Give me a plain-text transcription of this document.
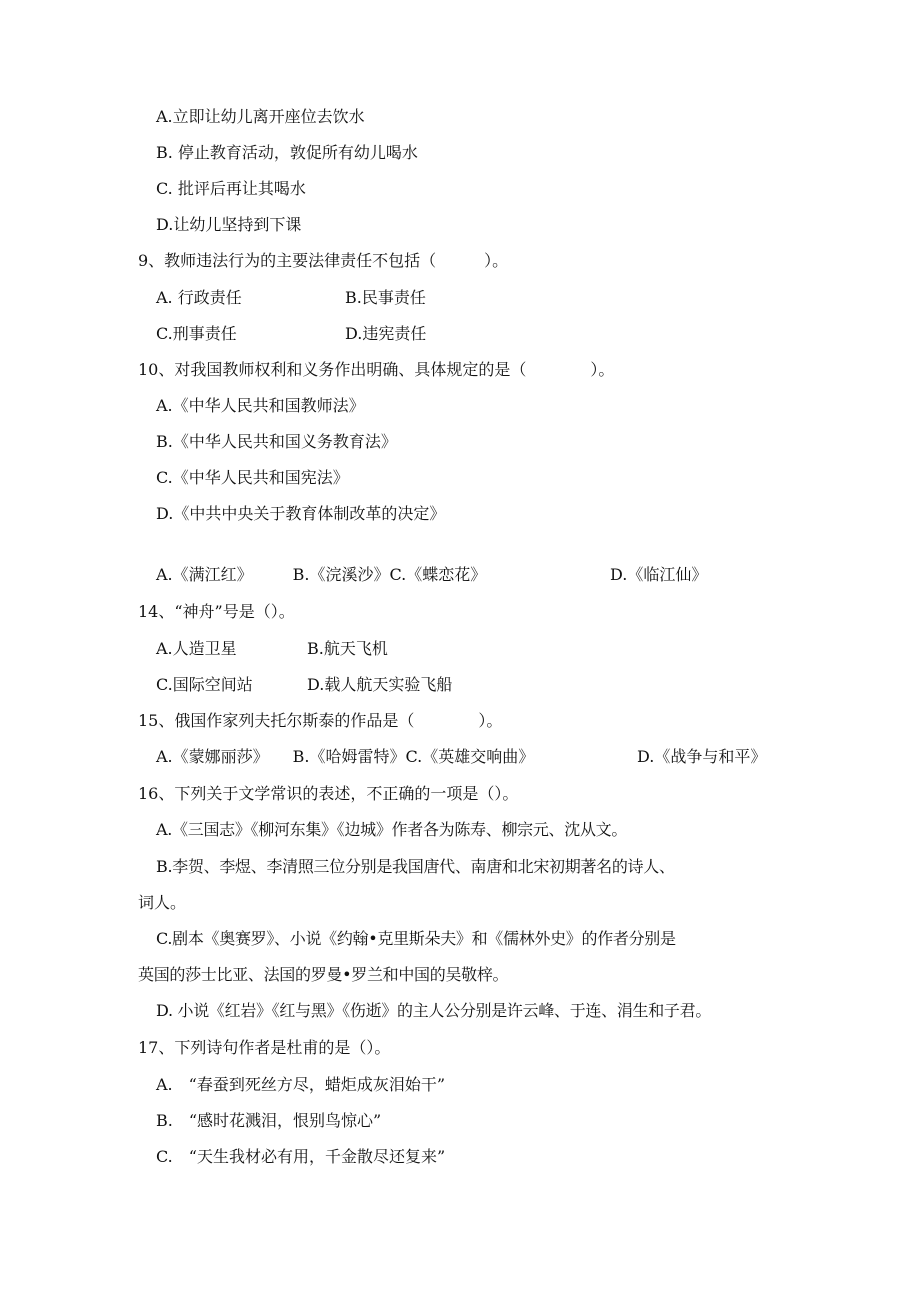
A.立即让幼儿离开座位去饮水
B. 停止教育活动，敦促所有幼儿喝水
C. 批评后再让其喝水
D.让幼儿坚持到下课
9、教师违法行为的主要法律责任不包括（　　　）。
A. 行政责任	B.民事责任
C.刑事责任	D.违宪责任
10、对我国教师权利和义务作出明确、具体规定的是（　　　　）。
A.《中华人民共和国教师法》
B.《中华人民共和国义务教育法》
C.《中华人民共和国宪法》
D.《中共中央关于教育体制改革的决定》
A.《满江红》　　　B.《浣溪沙》C.《蝶恋花》	D.《临江仙》
14、“神舟”号是（）。
A.人造卫星	B.航天飞机
C.国际空间站	D.载人航天实验飞船
15、俄国作家列夫托尔斯泰的作品是（　　　　）。
A.《蒙娜丽莎》　　B.《哈姆雷特》C.《英雄交响曲》	D.《战争与和平》
16、下列关于文学常识的表述，不正确的一项是（）。
A.《三国志》《柳河东集》《边城》作者各为陈寿、柳宗元、沈从文。
B.李贺、李煜、李清照三位分别是我国唐代、南唐和北宋初期著名的诗人、
词人。
C.剧本《奥赛罗》、小说《约翰•克里斯朵夫》和《儒林外史》的作者分别是
英国的莎士比亚、法国的罗曼•罗兰和中国的吴敬梓。
D. 小说《红岩》《红与黑》《伤逝》的主人公分别是许云峰、于连、涓生和子君。
17、下列诗句作者是杜甫的是（）。
A.　“春蚕到死丝方尽，蜡炬成灰泪始干”
B.　“感时花溅泪，恨别鸟惊心”
C.　“天生我材必有用，千金散尽还复来”
